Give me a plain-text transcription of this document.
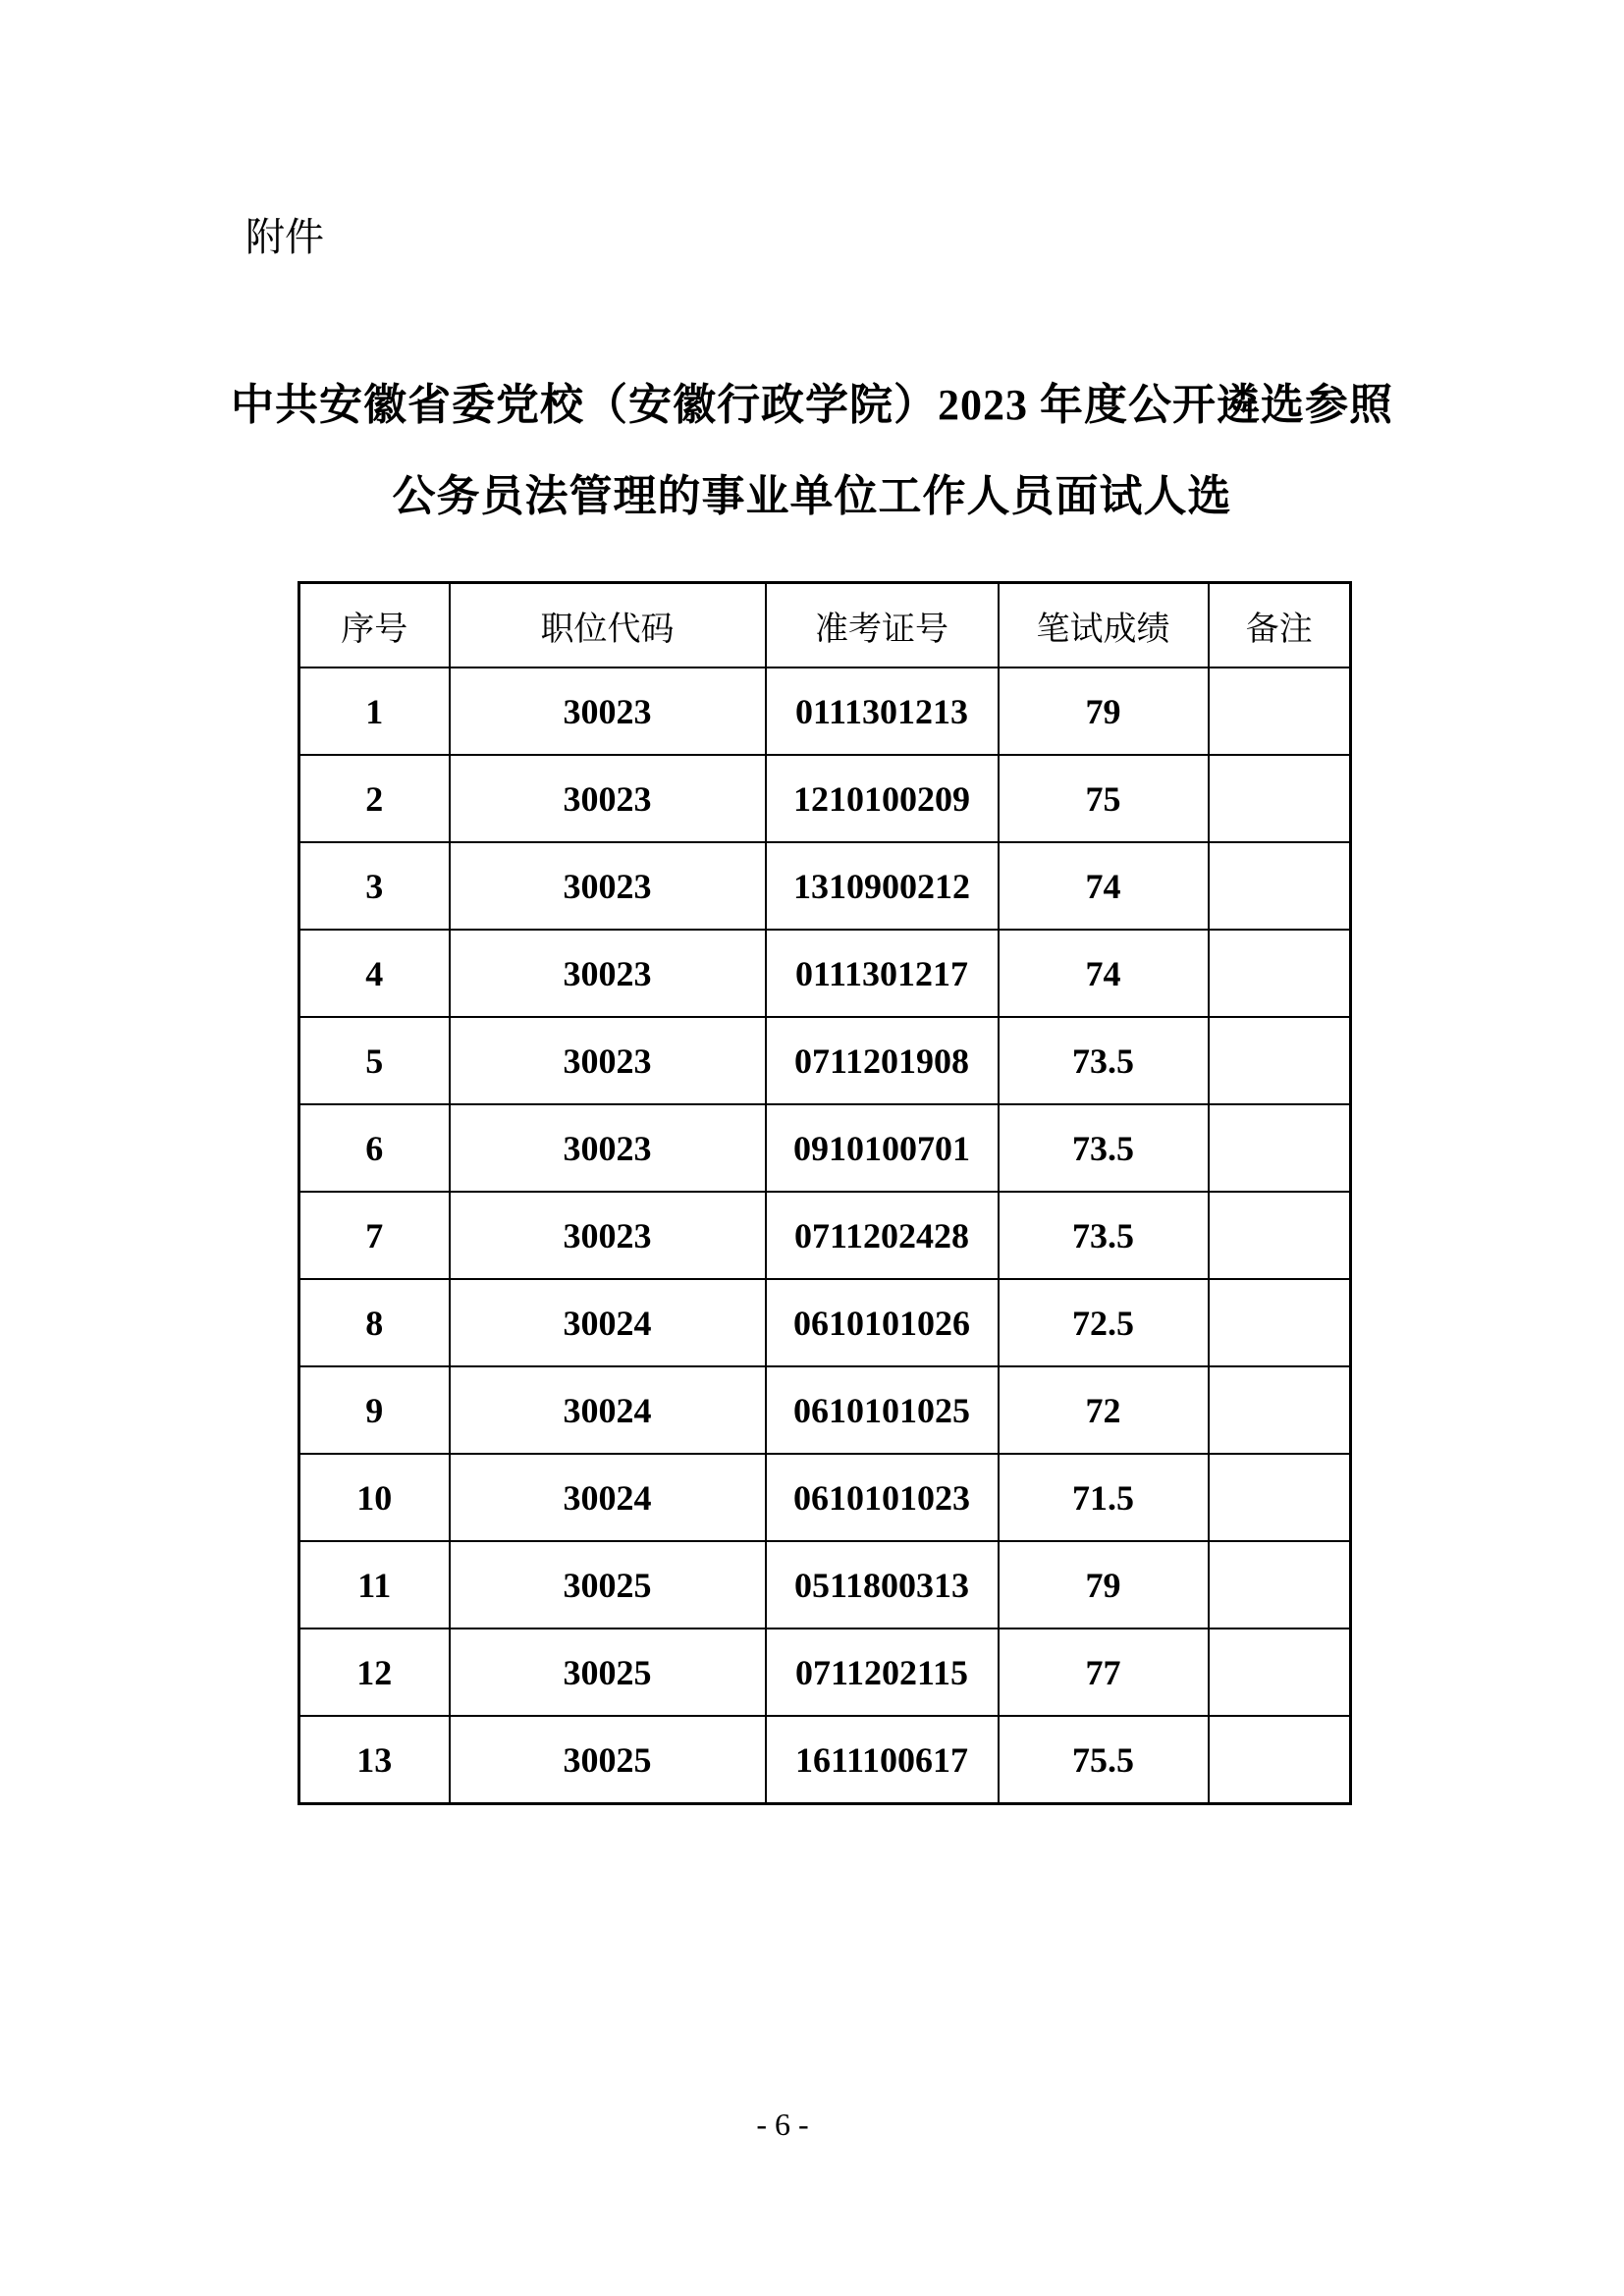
附件
中共安徽省委党校（安徽行政学院）2023 年度公开遴选参照
公务员法管理的事业单位工作人员面试人选
序号	职位代码	准考证号	笔试成绩	备注
1	30023	0111301213	79	
2	30023	1210100209	75	
3	30023	1310900212	74	
4	30023	0111301217	74	
5	30023	0711201908	73.5	
6	30023	0910100701	73.5	
7	30023	0711202428	73.5	
8	30024	0610101026	72.5	
9	30024	0610101025	72	
10	30024	0610101023	71.5	
11	30025	0511800313	79	
12	30025	0711202115	77	
13	30025	1611100617	75.5	
- 6 -
